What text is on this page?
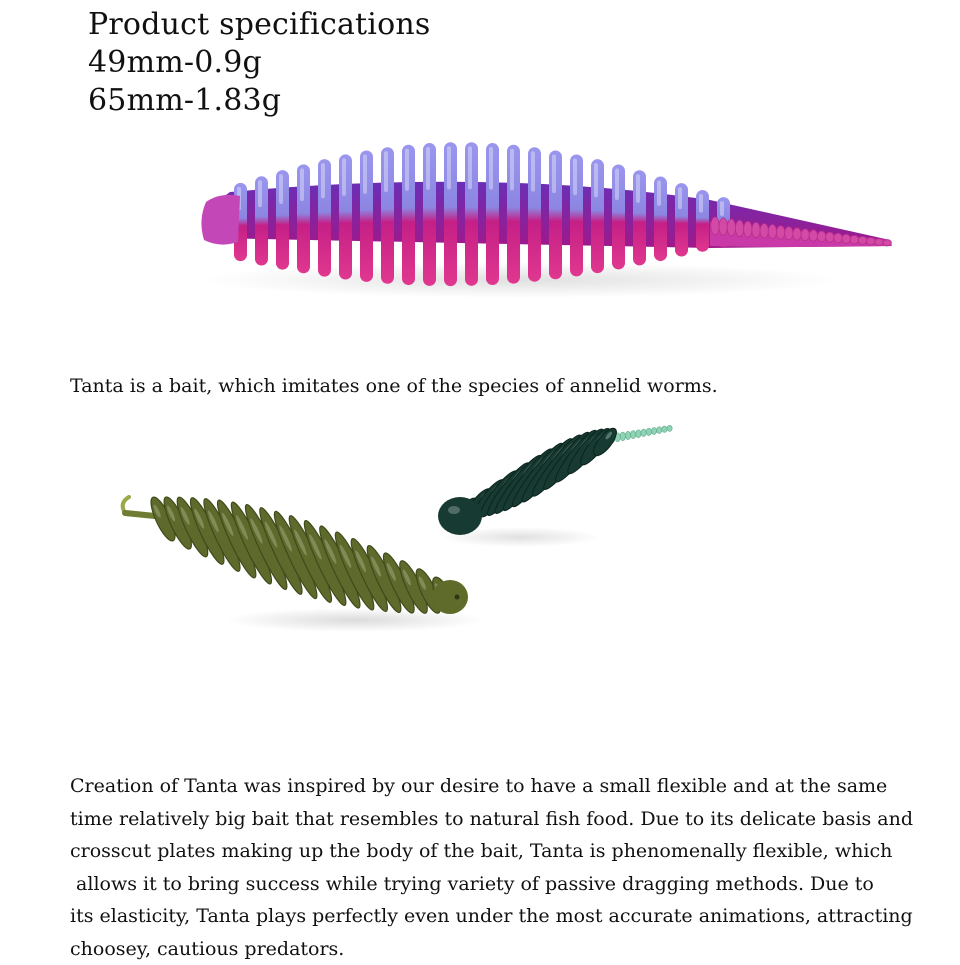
Product specifications
49mm-0.9g
65mm-1.83g
Tanta is a bait, which imitates one of the species of annelid worms.
Creation of Tanta was inspired by our desire to have a small flexible and at the same
time relatively big bait that resembles to natural fish food. Due to its delicate basis and
crosscut plates making up the body of the bait, Tanta is phenomenally flexible, which
allows it to bring success while trying variety of passive dragging methods. Due to
its elasticity, Tanta plays perfectly even under the most accurate animations, attracting
choosey, cautious predators.
